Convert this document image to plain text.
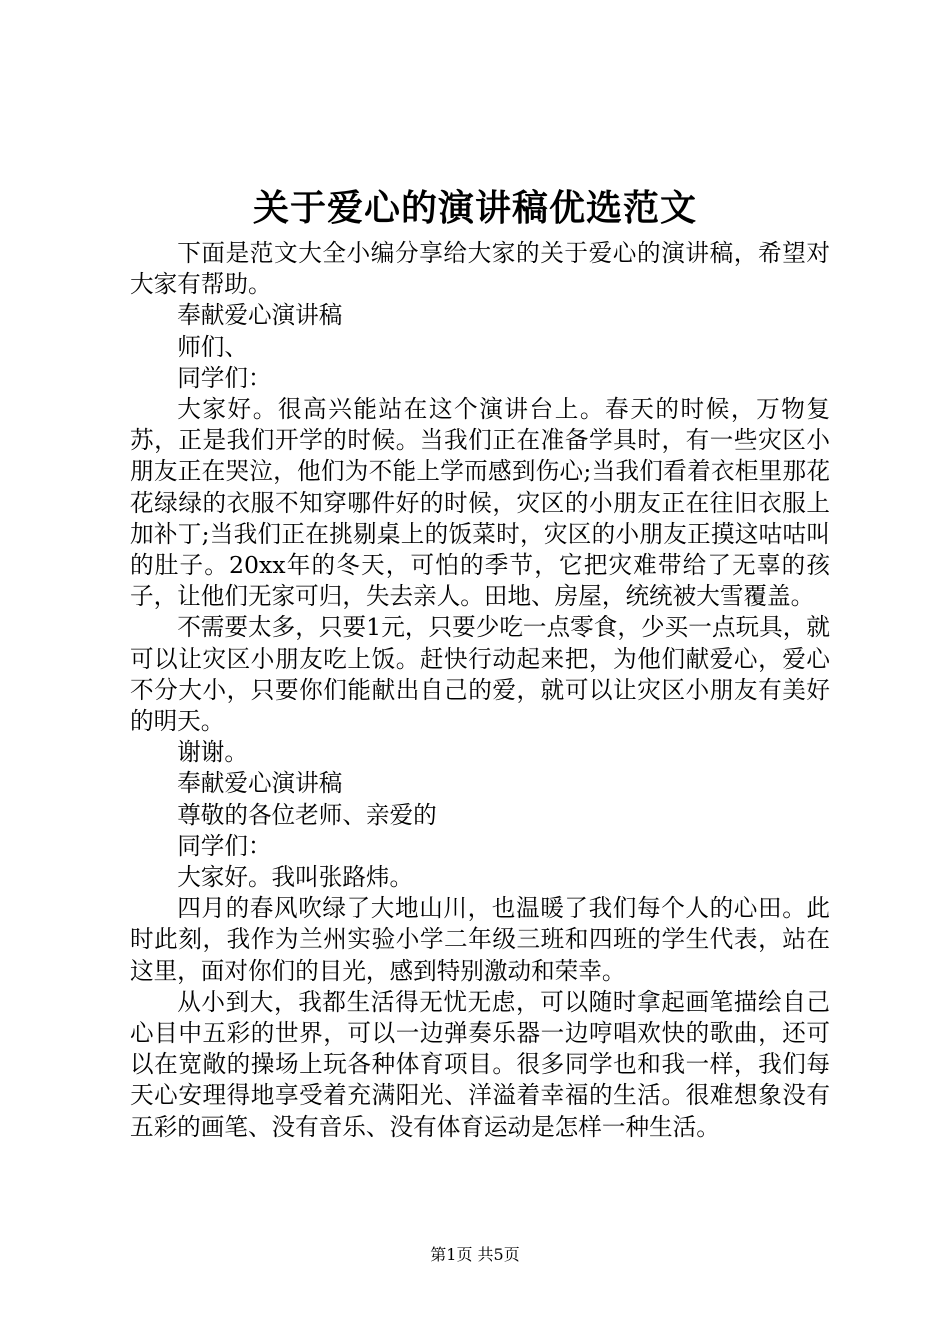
关于爱心的演讲稿优选范文

下面是范文大全小编分享给大家的关于爱心的演讲稿，希望对大家有帮助。

奉献爱心演讲稿

师们、

同学们：

大家好。很高兴能站在这个演讲台上。春天的时候，万物复苏，正是我们开学的时候。当我们正在准备学具时，有一些灾区小朋友正在哭泣，他们为不能上学而感到伤心;当我们看着衣柜里那花花绿绿的衣服不知穿哪件好的时候，灾区的小朋友正在往旧衣服上加补丁;当我们正在挑剔桌上的饭菜时，灾区的小朋友正摸这咕咕叫的肚子。20xx年的冬天，可怕的季节，它把灾难带给了无辜的孩子，让他们无家可归，失去亲人。田地、房屋，统统被大雪覆盖。

不需要太多，只要1元，只要少吃一点零食，少买一点玩具，就可以让灾区小朋友吃上饭。赶快行动起来把，为他们献爱心，爱心不分大小，只要你们能献出自己的爱，就可以让灾区小朋友有美好的明天。

谢谢。

奉献爱心演讲稿

尊敬的各位老师、亲爱的

同学们：

大家好。我叫张路炜。

四月的春风吹绿了大地山川，也温暖了我们每个人的心田。此时此刻，我作为兰州实验小学二年级三班和四班的学生代表，站在这里，面对你们的目光，感到特别激动和荣幸。

从小到大，我都生活得无忧无虑，可以随时拿起画笔描绘自己心目中五彩的世界，可以一边弹奏乐器一边哼唱欢快的歌曲，还可以在宽敞的操场上玩各种体育项目。很多同学也和我一样，我们每天心安理得地享受着充满阳光、洋溢着幸福的生活。很难想象没有五彩的画笔、没有音乐、没有体育运动是怎样一种生活。

第1页 共5页
